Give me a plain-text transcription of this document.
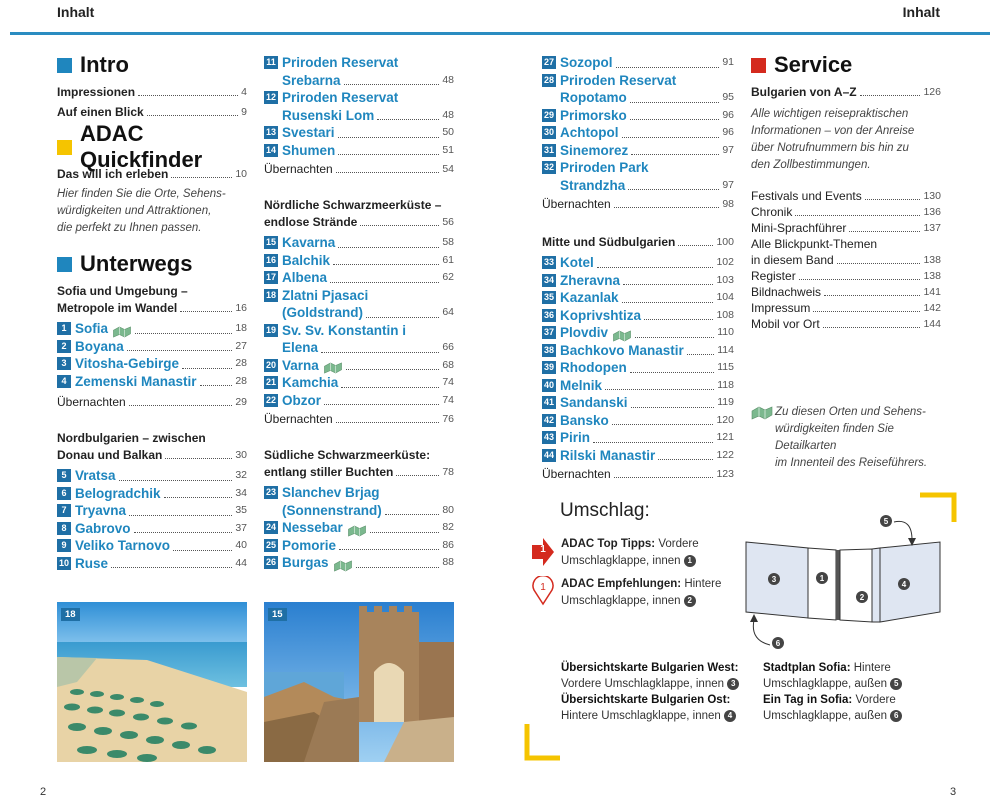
Inhalt	Inhalt
Intro
Impressionen	4
Auf einen Blick	9
ADAC Quickfinder
Das will ich erleben	10
Hier finden Sie die Orte, Sehens-
würdigkeiten und Attraktionen,
die perfekt zu Ihnen passen.
Unterwegs
Sofia und Umgebung –
Metropole im Wandel	16
1 Sofia	18
2 Boyana	27
3 Vitosha-Gebirge	28
4 Zemenski Manastir	28
Übernachten	29
Nordbulgarien – zwischen
Donau und Balkan	30
5 Vratsa	32
6 Belogradchik	34
7 Tryavna	35
8 Gabrovo	37
9 Veliko Tarnovo	40
10 Ruse	44
11 Priroden Reservat
Srebarna	48
12 Priroden Reservat
Rusenski Lom	48
13 Svestari	50
14 Shumen	51
Übernachten	54
Nördliche Schwarzmeerküste –
endlose Strände	56
15 Kavarna	58
16 Balchik	61
17 Albena	62
18 Zlatni Pjasaci
(Goldstrand)	64
19 Sv. Sv. Konstantin i
Elena	66
20 Varna	68
21 Kamchia	74
22 Obzor	74
Übernachten	76
Südliche Schwarzmeerküste:
entlang stiller Buchten	78
23 Slanchev Brjag
(Sonnenstrand)	80
24 Nessebar	82
25 Pomorie	86
26 Burgas	88
27 Sozopol	91
28 Priroden Reservat
Ropotamo	95
29 Primorsko	96
30 Achtopol	96
31 Sinemorez	97
32 Priroden Park
Strandzha	97
Übernachten	98
Mitte und Südbulgarien	100
33 Kotel	102
34 Zheravna	103
35 Kazanlak	104
36 Koprivshtiza	108
37 Plovdiv	110
38 Bachkovo Manastir	114
39 Rhodopen	115
40 Melnik	118
41 Sandanski	119
42 Bansko	120
43 Pirin	121
44 Rilski Manastir	122
Übernachten	123
Service
Bulgarien von A–Z	126
Alle wichtigen reisepraktischen
Informationen – von der Anreise
über Notrufnummern bis hin zu
den Zollbestimmungen.
Festivals und Events	130
Chronik	136
Mini-Sprachführer	137
Alle Blickpunkt-Themen
in diesem Band	138
Register	138
Bildnachweis	141
Impressum	142
Mobil vor Ort	144
Zu diesen Orten und Sehens-
würdigkeiten finden Sie Detailkarten
im Innenteil des Reiseführers.
18	15
Umschlag:
1	ADAC Top Tipps: Vordere
Umschlagklappe, innen 1
1	ADAC Empfehlungen: Hintere
Umschlagklappe, innen 2
1
2
3
4
5
6
Übersichtskarte Bulgarien West:
Vordere Umschlagklappe, innen 3
Übersichtskarte Bulgarien Ost:
Hintere Umschlagklappe, innen 4
Stadtplan Sofia: Hintere
Umschlagklappe, außen 5
Ein Tag in Sofia: Vordere
Umschlagklappe, außen 6
2	3
